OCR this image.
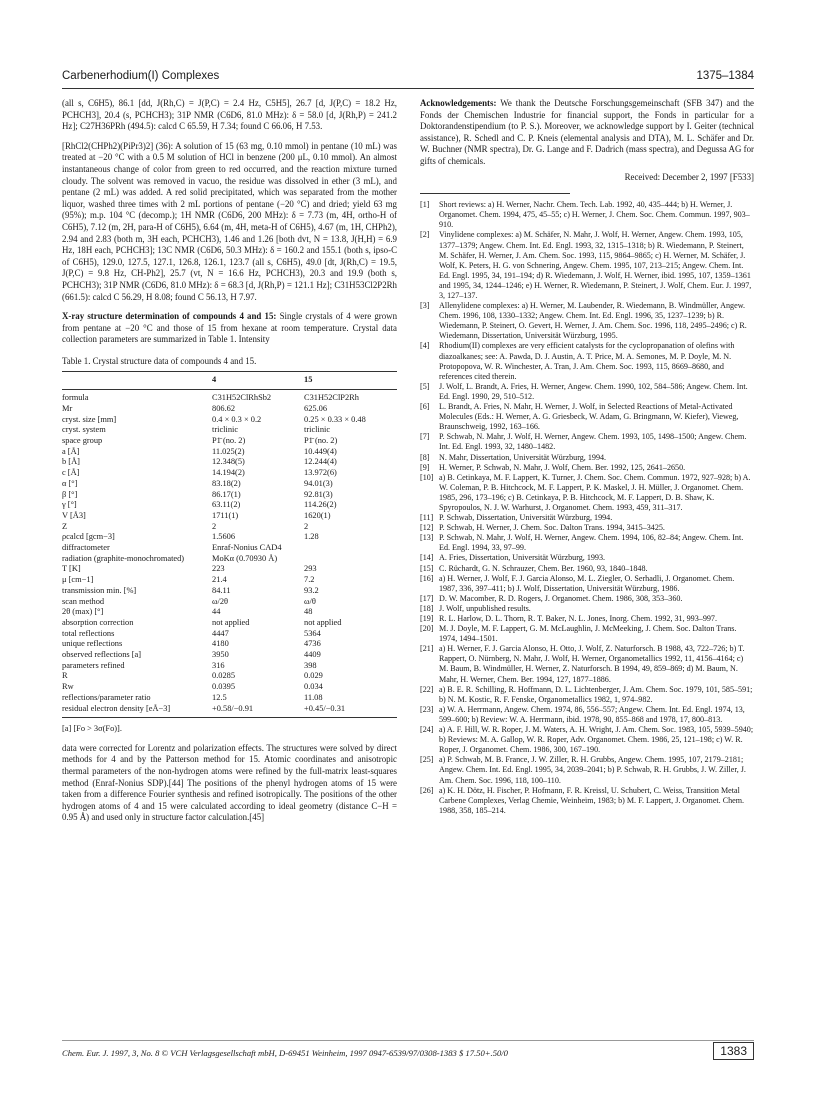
Carbenerhodium(I) Complexes	1375–1384

(all s, C6H5), 86.1 [dd, J(Rh,C) = J(P,C) = 2.4 Hz, C5H5], 26.7 [d, J(P,C) = 18.2 Hz, PCHCH3], 20.4 (s, PCHCH3); 31P NMR (C6D6, 81.0 MHz): δ = 58.0 [d, J(Rh,P) = 241.2 Hz]; C27H36PRh (494.5): calcd C 65.59, H 7.34; found C 66.06, H 7.53.

[RhCl2(CHPh2)(PiPr3)2] (36): A solution of 15 (63 mg, 0.10 mmol) in pentane (10 mL) was treated at −20 °C with a 0.5 M solution of HCl in benzene (200 μL, 0.10 mmol). An almost instantaneous change of color from green to red occurred, and the reaction mixture turned cloudy. The solvent was removed in vacuo, the residue was dissolved in ether (3 mL), and pentane (2 mL) was added. A red solid precipitated, which was separated from the mother liquor, washed three times with 2 mL portions of pentane (−20 °C) and dried; yield 63 mg (95%); m.p. 104 °C (decomp.); 1H NMR (C6D6, 200 MHz): δ = 7.73 (m, 4H, ortho-H of C6H5), 7.12 (m, 2H, para-H of C6H5), 6.64 (m, 4H, meta-H of C6H5), 4.67 (m, 1H, CHPh2), 2.94 and 2.83 (both m, 3H each, PCHCH3), 1.46 and 1.26 [both dvt, N = 13.8, J(H,H) = 6.9 Hz, 18H each, PCHCH3]; 13C NMR (C6D6, 50.3 MHz): δ = 160.2 and 155.1 (both s, ipso-C of C6H5), 129.0, 127.5, 127.1, 126.8, 126.1, 123.7 (all s, C6H5), 49.0 [dt, J(Rh,C) = 19.5, J(P,C) = 9.8 Hz, CH-Ph2], 25.7 (vt, N = 16.6 Hz, PCHCH3), 20.3 and 19.9 (both s, PCHCH3); 31P NMR (C6D6, 81.0 MHz): δ = 68.3 [d, J(Rh,P) = 121.1 Hz]; C31H53Cl2P2Rh (661.5): calcd C 56.29, H 8.08; found C 56.13, H 7.97.

X-ray structure determination of compounds 4 and 15: Single crystals of 4 were grown from pentane at −20 °C and those of 15 from hexane at room temperature. Crystal data collection parameters are summarized in Table 1. Intensity

Table 1. Crystal structure data of compounds 4 and 15.

	4	15
formula	C31H52ClRhSb2	C31H52ClP2Rh
Mr	806.62	625.06
cryst. size [mm]	0.4 × 0.3 × 0.2	0.25 × 0.33 × 0.48
cryst. system	triclinic	triclinic
space group	P1̄ (no. 2)	P1̄ (no. 2)
a [Å]	11.025(2)	10.449(4)
b [Å]	12.348(5)	12.244(4)
c [Å]	14.194(2)	13.972(6)
α [°]	83.18(2)	94.01(3)
β [°]	86.17(1)	92.81(3)
γ [°]	63.11(2)	114.26(2)
V [Å3]	1711(1)	1620(1)
Z	2	2
ρcalcd [gcm−3]	1.5606	1.28
diffractometer	Enraf-Nonius CAD4	
radiation (graphite-monochromated)	MoKα (0.70930 Å)	
T [K]	223	293
μ [cm−1]	21.4	7.2
transmission min. [%]	84.11	93.2
scan method	ω/2θ	ω/θ
2θ (max) [°]	44	48
absorption correction	not applied	not applied
total reflections	4447	5364
unique reflections	4180	4736
observed reflections [a]	3950	4409
parameters refined	316	398
R	0.0285	0.029
Rw	0.0395	0.034
reflections/parameter ratio	12.5	11.08
residual electron density [eÅ−3]	+0.58/−0.91	+0.45/−0.31

[a] [Fo > 3σ(Fo)].

data were corrected for Lorentz and polarization effects. The structures were solved by direct methods for 4 and by the Patterson method for 15. Atomic coordinates and anisotropic thermal parameters of the non-hydrogen atoms were refined by the full-matrix least-squares method (Enraf-Nonius SDP).[44] The positions of the phenyl hydrogen atoms of 15 were taken from a difference Fourier synthesis and refined isotropically. The positions of the other hydrogen atoms of 4 and 15 were calculated according to ideal geometry (distance C−H = 0.95 Å) and used only in structure factor calculation.[45]

Acknowledgements: We thank the Deutsche Forschungsgemeinschaft (SFB 347) and the Fonds der Chemischen Industrie for financial support, the Fonds in particular for a Doktorandenstipendium (to P. S.). Moreover, we acknowledge support by I. Geiter (technical assistance), R. Schedl and C. P. Kneis (elemental analysis and DTA), M. L. Schäfer and Dr. W. Buchner (NMR spectra), Dr. G. Lange and F. Dadrich (mass spectra), and Degussa AG for gifts of chemicals.

Received: December 2, 1997 [F533]

[1] Short reviews: a) H. Werner, Nachr. Chem. Tech. Lab. 1992, 40, 435–444; b) H. Werner, J. Organomet. Chem. 1994, 475, 45–55; c) H. Werner, J. Chem. Soc. Chem. Commun. 1997, 903–910.
[2] Vinylidene complexes: a) M. Schäfer, N. Mahr, J. Wolf, H. Werner, Angew. Chem. 1993, 105, 1377–1379; Angew. Chem. Int. Ed. Engl. 1993, 32, 1315–1318; b) R. Wiedemann, P. Steinert, M. Schäfer, H. Werner, J. Am. Chem. Soc. 1993, 115, 9864–9865; c) H. Werner, M. Schäfer, J. Wolf, K. Peters, H. G. von Schnering, Angew. Chem. 1995, 107, 213–215; Angew. Chem. Int. Ed. Engl. 1995, 34, 191–194; d) R. Wiedemann, J. Wolf, H. Werner, ibid. 1995, 107, 1359–1361 and 1995, 34, 1244–1246; e) H. Werner, R. Wiedemann, P. Steinert, J. Wolf, Chem. Eur. J. 1997, 3, 127–137.
[3] Allenylidene complexes: a) H. Werner, M. Laubender, R. Wiedemann, B. Windmüller, Angew. Chem. 1996, 108, 1330–1332; Angew. Chem. Int. Ed. Engl. 1996, 35, 1237–1239; b) R. Wiedemann, P. Steinert, O. Gevert, H. Werner, J. Am. Chem. Soc. 1996, 118, 2495–2496; c) R. Wiedemann, Dissertation, Universität Würzburg, 1995.
[4] Rhodium(II) complexes are very efficient catalysts for the cyclopropanation of olefins with diazoalkanes; see: A. Pawda, D. J. Austin, A. T. Price, M. A. Semones, M. P. Doyle, M. N. Protopopova, W. R. Winchester, A. Tran, J. Am. Chem. Soc. 1993, 115, 8669–8680, and references cited therein.
[5] J. Wolf, L. Brandt, A. Fries, H. Werner, Angew. Chem. 1990, 102, 584–586; Angew. Chem. Int. Ed. Engl. 1990, 29, 510–512.
[6] L. Brandt, A. Fries, N. Mahr, H. Werner, J. Wolf, in Selected Reactions of Metal-Activated Molecules (Eds.: H. Werner, A. G. Griesbeck, W. Adam, G. Bringmann, W. Kiefer), Vieweg, Braunschweig, 1992, 163–166.
[7] P. Schwab, N. Mahr, J. Wolf, H. Werner, Angew. Chem. 1993, 105, 1498–1500; Angew. Chem. Int. Ed. Engl. 1993, 32, 1480–1482.
[8] N. Mahr, Dissertation, Universität Würzburg, 1994.
[9] H. Werner, P. Schwab, N. Mahr, J. Wolf, Chem. Ber. 1992, 125, 2641–2650.
[10] a) B. Cetinkaya, M. F. Lappert, K. Turner, J. Chem. Soc. Chem. Commun. 1972, 927–928; b) A. W. Coleman, P. B. Hitchcock, M. F. Lappert, P. K. Maskel, J. H. Müller, J. Organomet. Chem. 1985, 296, 173–196; c) B. Cetinkaya, P. B. Hitchcock, M. F. Lappert, D. B. Shaw, K. Spyropoulos, N. J. W. Warhurst, J. Organomet. Chem. 1993, 459, 311–317.
[11] P. Schwab, Dissertation, Universität Würzburg, 1994.
[12] P. Schwab, H. Werner, J. Chem. Soc. Dalton Trans. 1994, 3415–3425.
[13] P. Schwab, N. Mahr, J. Wolf, H. Werner, Angew. Chem. 1994, 106, 82–84; Angew. Chem. Int. Ed. Engl. 1994, 33, 97–99.
[14] A. Fries, Dissertation, Universität Würzburg, 1993.
[15] C. Rüchardt, G. N. Schrauzer, Chem. Ber. 1960, 93, 1840–1848.
[16] a) H. Werner, J. Wolf, F. J. Garcia Alonso, M. L. Ziegler, O. Serhadli, J. Organomet. Chem. 1987, 336, 397–411; b) J. Wolf, Dissertation, Universität Würzburg, 1986.
[17] D. W. Macomber, R. D. Rogers, J. Organomet. Chem. 1986, 308, 353–360.
[18] J. Wolf, unpublished results.
[19] R. L. Harlow, D. L. Thorn, R. T. Baker, N. L. Jones, Inorg. Chem. 1992, 31, 993–997.
[20] M. J. Doyle, M. F. Lappert, G. M. McLaughlin, J. McMeeking, J. Chem. Soc. Dalton Trans. 1974, 1494–1501.
[21] a) H. Werner, F. J. Garcia Alonso, H. Otto, J. Wolf, Z. Naturforsch. B 1988, 43, 722–726; b) T. Rappert, O. Nürnberg, N. Mahr, J. Wolf, H. Werner, Organometallics 1992, 11, 4156–4164; c) M. Baum, B. Windmüller, H. Werner, Z. Naturforsch. B 1994, 49, 859–869; d) M. Baum, N. Mahr, H. Werner, Chem. Ber. 1994, 127, 1877–1886.
[22] a) B. E. R. Schilling, R. Hoffmann, D. L. Lichtenberger, J. Am. Chem. Soc. 1979, 101, 585–591; b) N. M. Kostic, R. F. Fenske, Organometallics 1982, 1, 974–982.
[23] a) W. A. Herrmann, Angew. Chem. 1974, 86, 556–557; Angew. Chem. Int. Ed. Engl. 1974, 13, 599–600; b) Review: W. A. Herrmann, ibid. 1978, 90, 855–868 and 1978, 17, 800–813.
[24] a) A. F. Hill, W. R. Roper, J. M. Waters, A. H. Wright, J. Am. Chem. Soc. 1983, 105, 5939–5940; b) Reviews: M. A. Gallop, W. R. Roper, Adv. Organomet. Chem. 1986, 25, 121–198; c) W. R. Roper, J. Organomet. Chem. 1986, 300, 167–190.
[25] a) P. Schwab, M. B. France, J. W. Ziller, R. H. Grubbs, Angew. Chem. 1995, 107, 2179–2181; Angew. Chem. Int. Ed. Engl. 1995, 34, 2039–2041; b) P. Schwab, R. H. Grubbs, J. W. Ziller, J. Am. Chem. Soc. 1996, 118, 100–110.
[26] a) K. H. Dötz, H. Fischer, P. Hofmann, F. R. Kreissl, U. Schubert, C. Weiss, Transition Metal Carbene Complexes, Verlag Chemie, Weinheim, 1983; b) M. F. Lappert, J. Organomet. Chem. 1988, 358, 185–214.
Chem. Eur. J. 1997, 3, No. 8 © VCH Verlagsgesellschaft mbH, D-69451 Weinheim, 1997 0947-6539/97/0308-1383 $ 17.50+.50/0	1383
